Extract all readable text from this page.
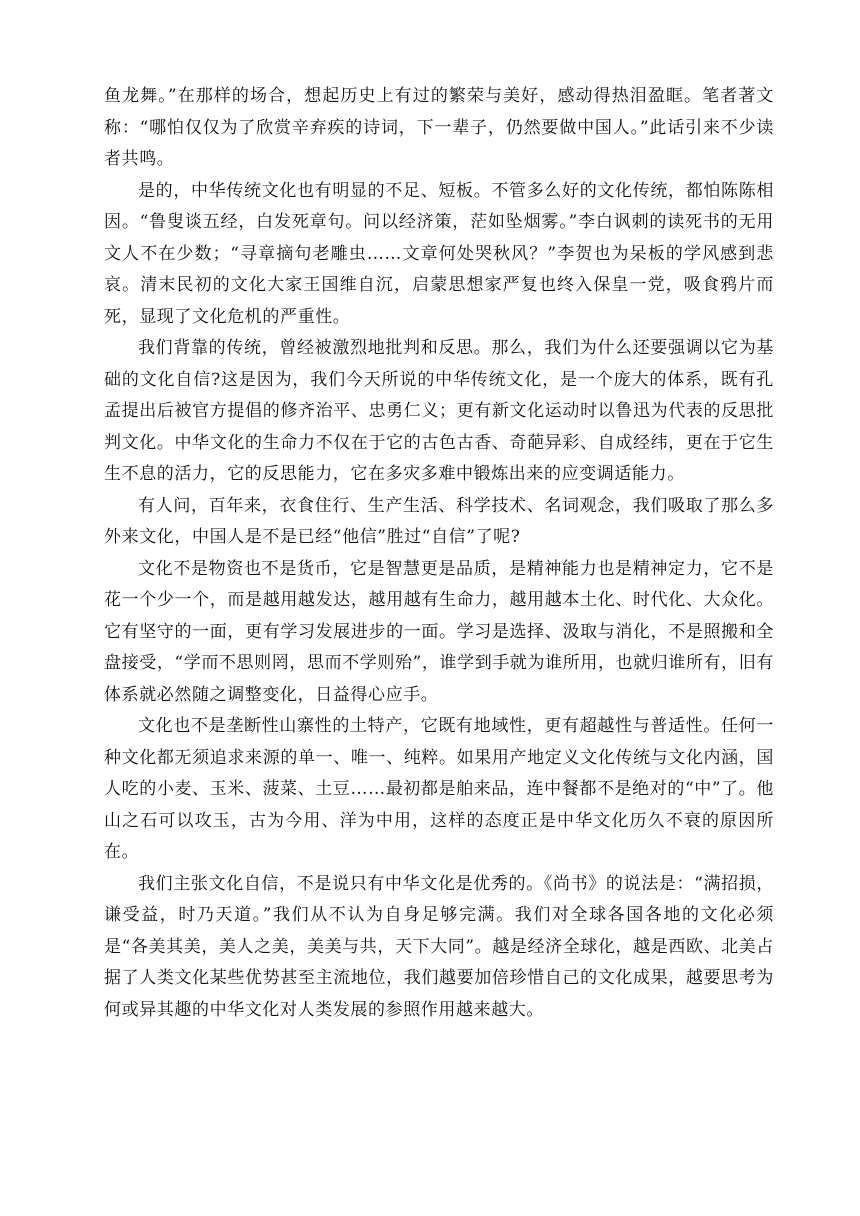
鱼龙舞。”在那样的场合，想起历史上有过的繁荣与美好，感动得热泪盈眶。笔者著文称：“哪怕仅仅为了欣赏辛弃疾的诗词，下一辈子，仍然要做中国人。”此话引来不少读者共鸣。

是的，中华传统文化也有明显的不足、短板。不管多么好的文化传统，都怕陈陈相因。“鲁叟谈五经，白发死章句。问以经济策，茫如坠烟雾。”李白讽刺的读死书的无用文人不在少数；“寻章摘句老雕虫……文章何处哭秋风？”李贺也为呆板的学风感到悲哀。清末民初的文化大家王国维自沉，启蒙思想家严复也终入保皇一党，吸食鸦片而死，显现了文化危机的严重性。

我们背靠的传统，曾经被激烈地批判和反思。那么，我们为什么还要强调以它为基础的文化自信?这是因为，我们今天所说的中华传统文化，是一个庞大的体系，既有孔孟提出后被官方提倡的修齐治平、忠勇仁义；更有新文化运动时以鲁迅为代表的反思批判文化。中华文化的生命力不仅在于它的古色古香、奇葩异彩、自成经纬，更在于它生生不息的活力，它的反思能力，它在多灾多难中锻炼出来的应变调适能力。

有人问，百年来，衣食住行、生产生活、科学技术、名词观念，我们吸取了那么多外来文化，中国人是不是已经“他信”胜过“自信”了呢?

文化不是物资也不是货币，它是智慧更是品质，是精神能力也是精神定力，它不是花一个少一个，而是越用越发达，越用越有生命力，越用越本土化、时代化、大众化。它有坚守的一面，更有学习发展进步的一面。学习是选择、汲取与消化，不是照搬和全盘接受，“学而不思则罔，思而不学则殆”，谁学到手就为谁所用，也就归谁所有，旧有体系就必然随之调整变化，日益得心应手。

文化也不是垄断性山寨性的土特产，它既有地域性，更有超越性与普适性。任何一种文化都无须追求来源的单一、唯一、纯粹。如果用产地定义文化传统与文化内涵，国人吃的小麦、玉米、菠菜、土豆……最初都是舶来品，连中餐都不是绝对的“中”了。他山之石可以攻玉，古为今用、洋为中用，这样的态度正是中华文化历久不衰的原因所在。

我们主张文化自信，不是说只有中华文化是优秀的。《尚书》的说法是：“满招损，谦受益，时乃天道。”我们从不认为自身足够完满。我们对全球各国各地的文化必须是“各美其美，美人之美，美美与共，天下大同”。越是经济全球化，越是西欧、北美占据了人类文化某些优势甚至主流地位，我们越要加倍珍惜自己的文化成果，越要思考为何或异其趣的中华文化对人类发展的参照作用越来越大。
